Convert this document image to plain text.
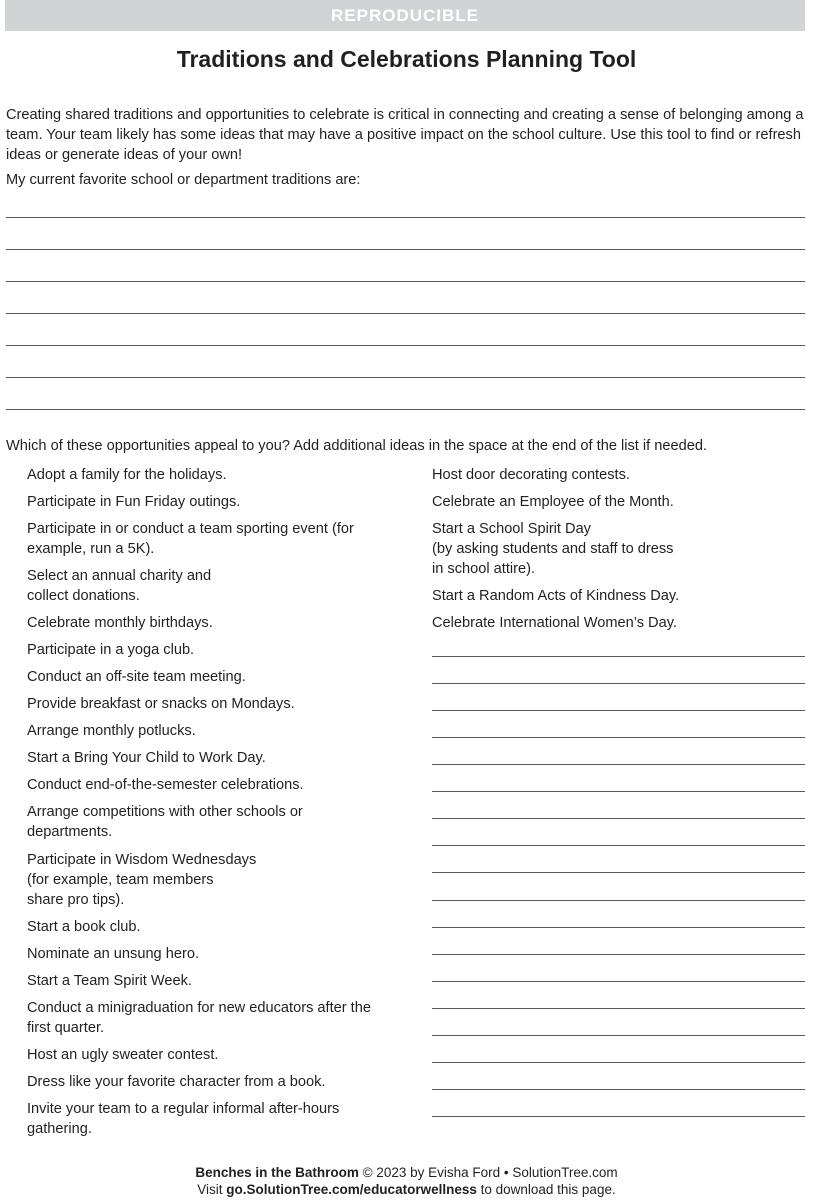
REPRODUCIBLE
Traditions and Celebrations Planning Tool

Creating shared traditions and opportunities to celebrate is critical in connecting and creating a sense of belonging among a team. Your team likely has some ideas that may have a positive impact on the school culture. Use this tool to find or refresh ideas or generate ideas of your own!

My current favorite school or department traditions are:

Which of these opportunities appeal to you? Add additional ideas in the space at the end of the list if needed.

Adopt a family for the holidays.
Participate in Fun Friday outings.
Participate in or conduct a team sporting event (for
example, run a 5K).
Select an annual charity and
collect donations.
Celebrate monthly birthdays.
Participate in a yoga club.
Conduct an off-site team meeting.
Provide breakfast or snacks on Mondays.
Arrange monthly potlucks.
Start a Bring Your Child to Work Day.
Conduct end-of-the-semester celebrations.
Arrange competitions with other schools or
departments.
Participate in Wisdom Wednesdays
(for example, team members
share pro tips).
Start a book club.
Nominate an unsung hero.
Start a Team Spirit Week.
Conduct a minigraduation for new educators after the
first quarter.
Host an ugly sweater contest.
Dress like your favorite character from a book.
Invite your team to a regular informal after-hours
gathering.
Host door decorating contests.
Celebrate an Employee of the Month.
Start a School Spirit Day
(by asking students and staff to dress
in school attire).
Start a Random Acts of Kindness Day.
Celebrate International Women’s Day.
Benches in the Bathroom © 2023 by Evisha Ford • SolutionTree.com
Visit go.SolutionTree.com/educatorwellness to download this page.
